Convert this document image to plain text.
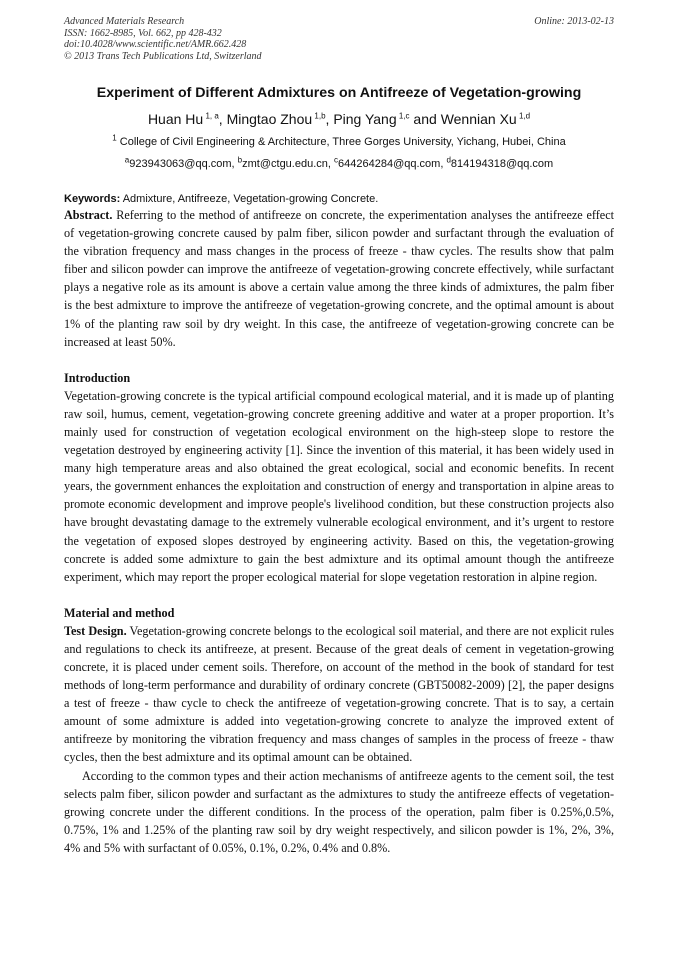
Advanced Materials Research
ISSN: 1662-8985, Vol. 662, pp 428-432
doi:10.4028/www.scientific.net/AMR.662.428
© 2013 Trans Tech Publications Ltd, Switzerland
Online: 2013-02-13
Experiment of Different Admixtures on Antifreeze of Vegetation-growing
Huan Hu $^{1, a}$, Mingtao Zhou $^{1,b}$, Ping Yang $^{1,c}$ and Wennian Xu $^{1,d}$
$^1$ College of Civil Engineering & Architecture, Three Gorges University, Yichang, Hubei, China
$^a$923943063@qq.com, $^b$zmt@ctgu.edu.cn, $^c$644264284@qq.com, $^d$814194318@qq.com
Keywords: Admixture, Antifreeze, Vegetation-growing Concrete.

Abstract. Referring to the method of antifreeze on concrete, the experimentation analyses the antifreeze effect of vegetation-growing concrete caused by palm fiber, silicon powder and surfactant through the evaluation of the vibration frequency and mass changes in the process of freeze - thaw cycles. The results show that palm fiber and silicon powder can improve the antifreeze of vegetation-growing concrete effectively, while surfactant plays a negative role as its amount is above a certain value among the three kinds of admixtures, the palm fiber is the best admixture to improve the antifreeze of vegetation-growing concrete, and the optimal amount is about 1% of the planting raw soil by dry weight. In this case, the antifreeze of vegetation-growing concrete can be increased at least 50%.

Introduction

Vegetation-growing concrete is the typical artificial compound ecological material, and it is made up of planting raw soil, humus, cement, vegetation-growing concrete greening additive and water at a proper proportion. It’s mainly used for construction of vegetation ecological environment on the high-steep slope to restore the vegetation destroyed by engineering activity [1]. Since the invention of this material, it has been widely used in many high temperature areas and also obtained the great ecological, social and economic benefits. In recent years, the government enhances the exploitation and construction of energy and transportation in alpine areas to promote economic development and improve people's livelihood condition, but these construction projects also have brought devastating damage to the extremely vulnerable ecological environment, and it’s urgent to restore the vegetation of exposed slopes destroyed by engineering activity. Based on this, the vegetation-growing concrete is added some admixture to gain the best admixture and its optimal amount though the antifreeze experiment, which may report the proper ecological material for slope vegetation restoration in alpine region.

Material and method

Test Design. Vegetation-growing concrete belongs to the ecological soil material, and there are not explicit rules and regulations to check its antifreeze, at present. Because of the great deals of cement in vegetation-growing concrete, it is placed under cement soils. Therefore, on account of the method in the book of standard for test methods of long-term performance and durability of ordinary concrete (GBT50082-2009) [2], the paper designs a test of freeze - thaw cycle to check the antifreeze of vegetation-growing concrete. That is to say, a certain amount of some admixture is added into vegetation-growing concrete to analyze the improved extent of antifreeze by monitoring the vibration frequency and mass changes of samples in the process of freeze - thaw cycles, then the best admixture and its optimal amount can be obtained.

According to the common types and their action mechanisms of antifreeze agents to the cement soil, the test selects palm fiber, silicon powder and surfactant as the admixtures to study the antifreeze effects of vegetation-growing concrete under the different conditions. In the process of the operation, palm fiber is 0.25%,0.5%, 0.75%, 1% and 1.25% of the planting raw soil by dry weight respectively, and silicon powder is 1%, 2%, 3%, 4% and 5% with surfactant of 0.05%, 0.1%, 0.2%, 0.4% and 0.8%.
